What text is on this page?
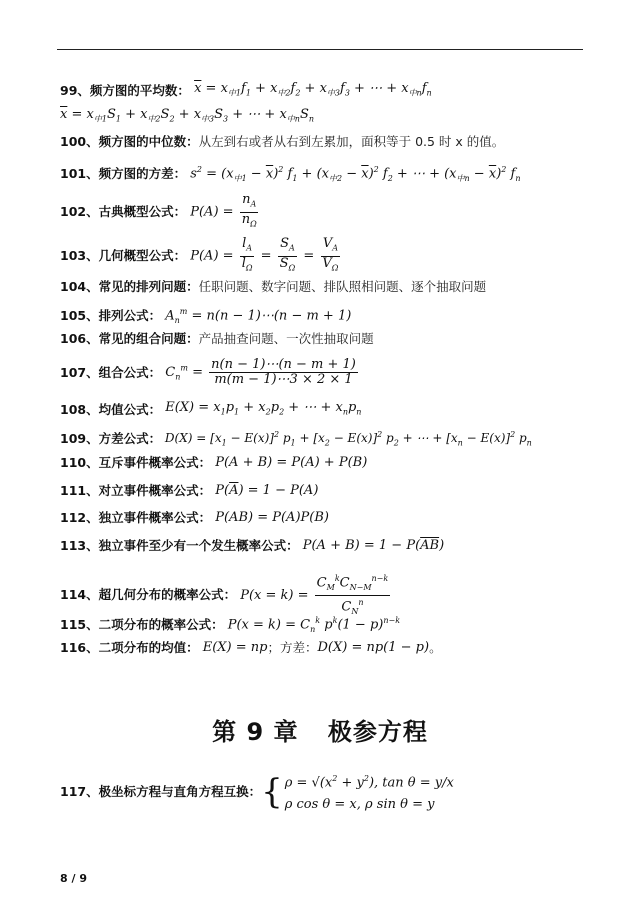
99、 频方图的平均数： $\overline{x} = x_{中1}f_1 + x_{中2}f_2 + x_{中3}f_3$ + ⋯ + $x_{中n}f_n$
$\overline{x} = x_{中1}S_1 + x_{中2}S_2 + x_{中3}S_3$ + ⋯ + $x_{中n}S_n$
100、 频方图的中位数： 从左到右或者从右到左累加，面积等于 0.5 时 x 的值。
101、 频方图的方差： $s^2 = (x_{中1} - \overline{x})^2$ $f_1 + (x_{中2} - \overline{x})^2$ $f_2$ + ⋯ + $(x_{中n} - \overline{x})^2$ $f_n$
102、 古典概型公式： $P(A) = \frac{n_A}{n_\Omega}$
103、 几何概型公式： $P(A) = \frac{l_A}{l_\Omega} = \frac{S_A}{S_\Omega} = \frac{V_A}{V_\Omega}$
104、 常见的排列问题： 任职问题、数字问题、排队照相问题、逐个抽取问题
105、 排列公式： $A_n^m = n(n$ − 1)⋯(n − m + 1)
106、 常见的组合问题： 产品抽查问题、一次性抽取问题
107、 组合公式： $C_n^m = \frac{n(n - 1)\cdots(n - m + 1)}{m(m - 1)\cdots 3 \times 2 \times 1}$
108、 均值公式： $E(X) = x_1p_1 + x_2p_2$ + ⋯ + $x_np_n$
109、 方差公式： $D(X) = [x_1 - E(x)]^2$ $p_1 + [x_2 - E(x)]^2$ $p_2$ + ⋯ + $[x_n - E(x)]^2$ $p_n$
110、 互斥事件概率公式： P(A + B) = P(A) + P(B)
111、 对立事件概率公式： $P(\overline{A}) = 1 - P(A)$
112、 独立事件概率公式： P(AB) = P(A)P(B)
113、 独立事件至少有一个发生概率公式： $P(A + B) = 1 - P(\overline{AB})$
114、 超几何分布的概率公式： $P(x = k) = \frac{C_M^kC_{N-M}^{n-k}}{C_N^n}$
115、 二项分布的概率公式： $P(x = k) = C_n^k$ $p^k(1 - p)^{n-k}$
116、 二项分布的均值： E(X) = np ；方差： D(X) = np(1 − p) 。
第 9 章 极参方程
117、 极坐标方程与直角方程互换： { $\rho = √(x^2 + y^2)$, tan θ = y/x
ρ cos θ = x, ρ sin θ = y
8 / 9
